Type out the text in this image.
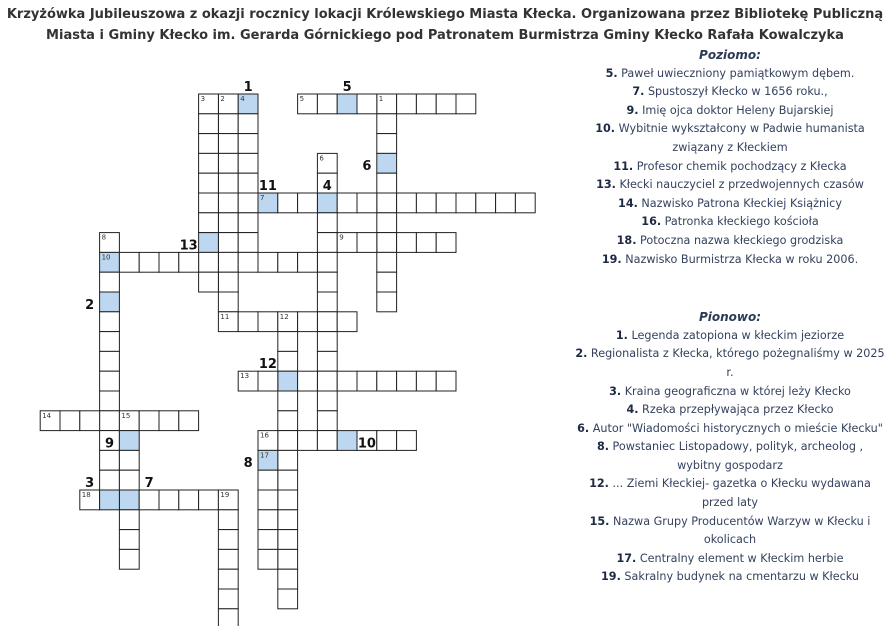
Krzyżówka Jubileuszowa z okazji rocznicy lokacji Królewskiego Miasta Kłecka. Organizowana przez Bibliotekę Publiczną
Miasta i Gminy Kłecko im. Gerarda Górnickiego pod Patronatem Burmistrza Gminy Kłecko Rafała Kowalczyka
1
2
3	4	5
6
7
8	9
10
11	12
13
14	15
16
17
18	19
1	5
6
11	4
13
2
12
10
9
8
3	7
Poziomo:
5. Paweł uwieczniony pamiątkowym dębem.
7. Spustoszył Kłecko w 1656 roku.,
9. Imię ojca doktor Heleny Bujarskiej
10. Wybitnie wykształcony w Padwie humanista związany z Kłeckiem
11. Profesor chemik pochodzący z Kłecka
13. Kłecki nauczyciel z przedwojennych czasów
14. Nazwisko Patrona Kłeckiej Książnicy
16. Patronka kłeckiego kościoła
18. Potoczna nazwa kłeckiego grodziska
19. Nazwisko Burmistrza Kłecka w roku 2006.
Pionowo:
1. Legenda zatopiona w kłeckim jeziorze
2. Regionalista z Kłecka, którego pożegnaliśmy w 2025 r.
3. Kraina geograficzna w której leży Kłecko
4. Rzeka przepływająca przez Kłecko
6. Autor "Wiadomości historycznych o mieście Kłecku"
8. Powstaniec Listopadowy, polityk, archeolog , wybitny gospodarz
12. ... Ziemi Kłeckiej- gazetka o Kłecku wydawana przed laty
15. Nazwa Grupy Producentów Warzyw w Kłecku i okolicach
17. Centralny element w Kłeckim herbie
19. Sakralny budynek na cmentarzu w Kłecku
